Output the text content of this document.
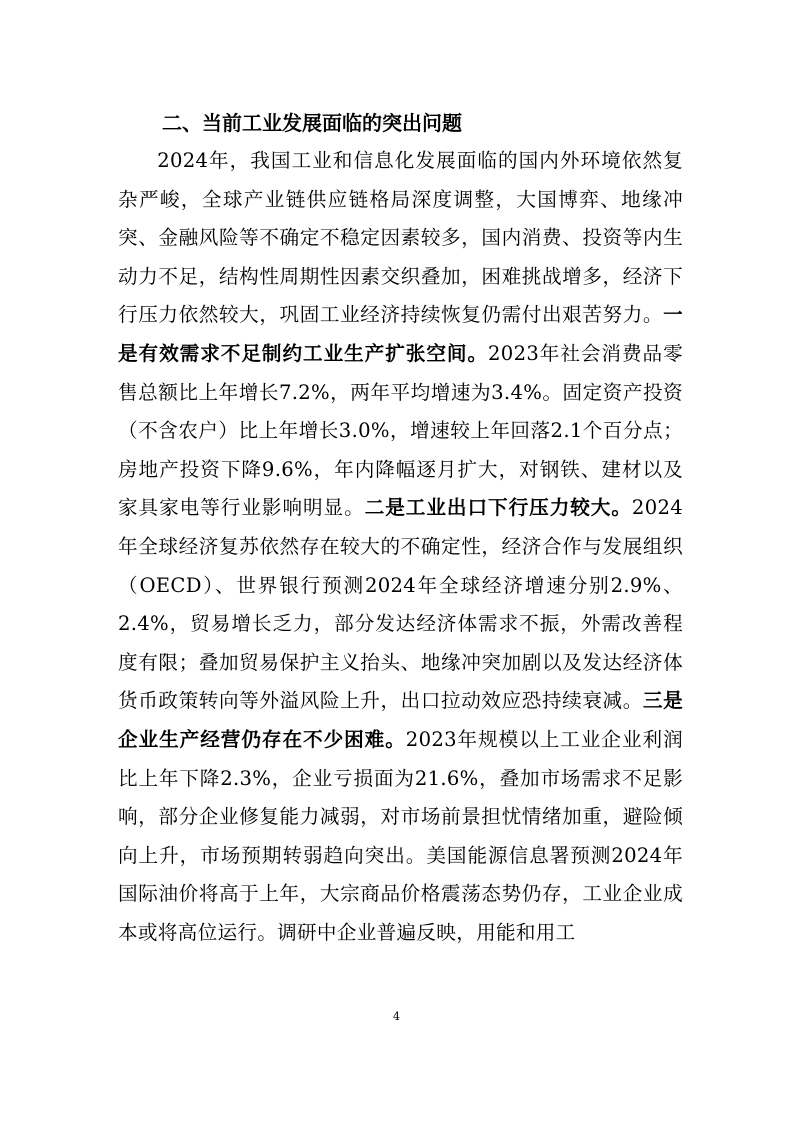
二、当前工业发展面临的突出问题
2024年，我国工业和信息化发展面临的国内外环境依然复杂严峻，全球产业链供应链格局深度调整，大国博弈、地缘冲突、金融风险等不确定不稳定因素较多，国内消费、投资等内生动力不足，结构性周期性因素交织叠加，困难挑战增多，经济下行压力依然较大，巩固工业经济持续恢复仍需付出艰苦努力。一是有效需求不足制约工业生产扩张空间。2023年社会消费品零售总额比上年增长7.2%，两年平均增速为3.4%。固定资产投资（不含农户）比上年增长3.0%，增速较上年回落2.1个百分点；房地产投资下降9.6%，年内降幅逐月扩大，对钢铁、建材以及家具家电等行业影响明显。二是工业出口下行压力较大。2024年全球经济复苏依然存在较大的不确定性，经济合作与发展组织（OECD）、世界银行预测2024年全球经济增速分别2.9%、2.4%，贸易增长乏力，部分发达经济体需求不振，外需改善程度有限；叠加贸易保护主义抬头、地缘冲突加剧以及发达经济体货币政策转向等外溢风险上升，出口拉动效应恐持续衰减。三是企业生产经营仍存在不少困难。2023年规模以上工业企业利润比上年下降2.3%，企业亏损面为21.6%，叠加市场需求不足影响，部分企业修复能力减弱，对市场前景担忧情绪加重，避险倾向上升，市场预期转弱趋向突出。美国能源信息署预测2024年国际油价将高于上年，大宗商品价格震荡态势仍存，工业企业成本或将高位运行。调研中企业普遍反映，用能和用工
4
